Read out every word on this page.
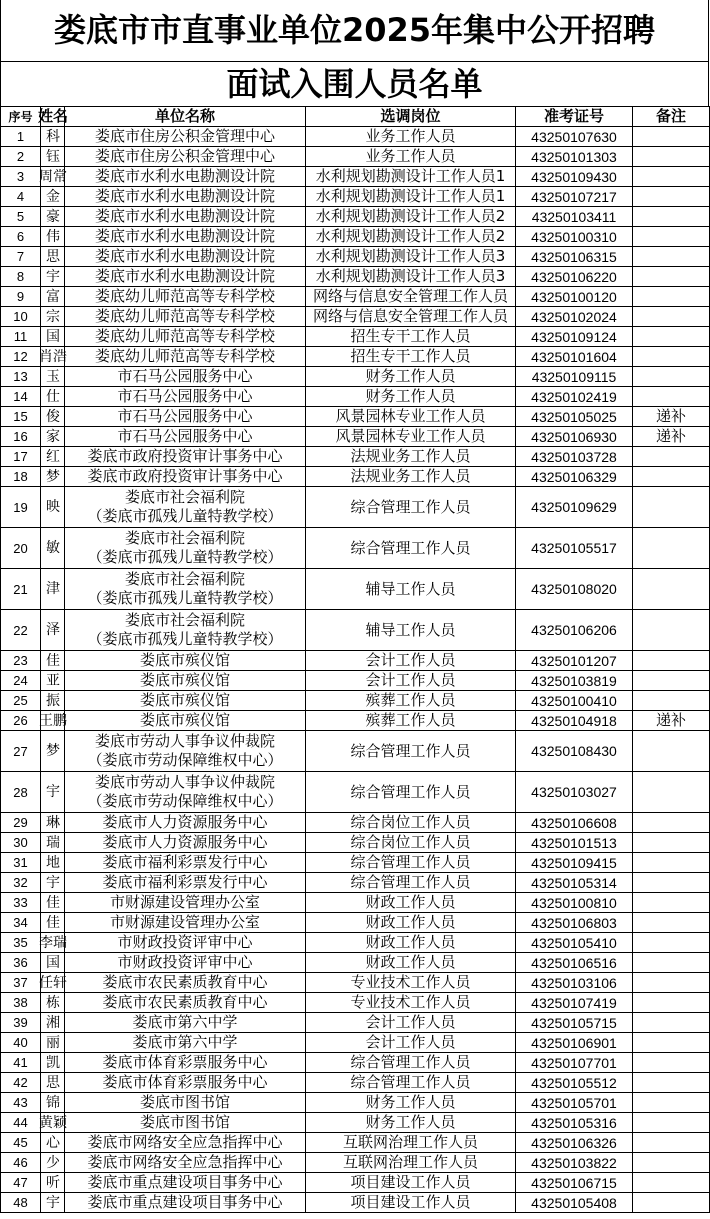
娄底市市直事业单位2025年集中公开招聘
面试入围人员名单
序号	姓名	单位名称	选调岗位	准考证号	备注
1	科	娄底市住房公积金管理中心	业务工作人员	43250107630	
2	钰	娄底市住房公积金管理中心	业务工作人员	43250101303	
3	周常	娄底市水利水电勘测设计院	水利规划勘测设计工作人员1	43250109430	
4	金	娄底市水利水电勘测设计院	水利规划勘测设计工作人员1	43250107217	
5	豪	娄底市水利水电勘测设计院	水利规划勘测设计工作人员2	43250103411	
6	伟	娄底市水利水电勘测设计院	水利规划勘测设计工作人员2	43250100310	
7	思	娄底市水利水电勘测设计院	水利规划勘测设计工作人员3	43250106315	
8	宇	娄底市水利水电勘测设计院	水利规划勘测设计工作人员3	43250106220	
9	富	娄底幼儿师范高等专科学校	网络与信息安全管理工作人员	43250100120	
10	宗	娄底幼儿师范高等专科学校	网络与信息安全管理工作人员	43250102024	
11	国	娄底幼儿师范高等专科学校	招生专干工作人员	43250109124	
12	肖浩	娄底幼儿师范高等专科学校	招生专干工作人员	43250101604	
13	玉	市石马公园服务中心	财务工作人员	43250109115	
14	仕	市石马公园服务中心	财务工作人员	43250102419	
15	俊	市石马公园服务中心	风景园林专业工作人员	43250105025	递补
16	家	市石马公园服务中心	风景园林专业工作人员	43250106930	递补
17	红	娄底市政府投资审计事务中心	法规业务工作人员	43250103728	
18	梦	娄底市政府投资审计事务中心	法规业务工作人员	43250106329	
19	映	娄底市社会福利院
（娄底市孤残儿童特教学校）	综合管理工作人员	43250109629	
20	敏	娄底市社会福利院
（娄底市孤残儿童特教学校）	综合管理工作人员	43250105517	
21	津	娄底市社会福利院
（娄底市孤残儿童特教学校）	辅导工作人员	43250108020	
22	泽	娄底市社会福利院
（娄底市孤残儿童特教学校）	辅导工作人员	43250106206	
23	佳	娄底市殡仪馆	会计工作人员	43250101207	
24	亚	娄底市殡仪馆	会计工作人员	43250103819	
25	振	娄底市殡仪馆	殡葬工作人员	43250100410	
26	王鹏	娄底市殡仪馆	殡葬工作人员	43250104918	递补
27	梦	娄底市劳动人事争议仲裁院
（娄底市劳动保障维权中心）	综合管理工作人员	43250108430	
28	宇	娄底市劳动人事争议仲裁院
（娄底市劳动保障维权中心）	综合管理工作人员	43250103027	
29	琳	娄底市人力资源服务中心	综合岗位工作人员	43250106608	
30	瑞	娄底市人力资源服务中心	综合岗位工作人员	43250101513	
31	地	娄底市福利彩票发行中心	综合管理工作人员	43250109415	
32	宇	娄底市福利彩票发行中心	综合管理工作人员	43250105314	
33	佳	市财源建设管理办公室	财政工作人员	43250100810	
34	佳	市财源建设管理办公室	财政工作人员	43250106803	
35	李瑞	市财政投资评审中心	财政工作人员	43250105410	
36	国	市财政投资评审中心	财政工作人员	43250106516	
37	任轩	娄底市农民素质教育中心	专业技术工作人员	43250103106	
38	栋	娄底市农民素质教育中心	专业技术工作人员	43250107419	
39	湘	娄底市第六中学	会计工作人员	43250105715	
40	丽	娄底市第六中学	会计工作人员	43250106901	
41	凯	娄底市体育彩票服务中心	综合管理工作人员	43250107701	
42	思	娄底市体育彩票服务中心	综合管理工作人员	43250105512	
43	锦	娄底市图书馆	财务工作人员	43250105701	
44	黄颖	娄底市图书馆	财务工作人员	43250105316	
45	心	娄底市网络安全应急指挥中心	互联网治理工作人员	43250106326	
46	少	娄底市网络安全应急指挥中心	互联网治理工作人员	43250103822	
47	听	娄底市重点建设项目事务中心	项目建设工作人员	43250106715	
48	宇	娄底市重点建设项目事务中心	项目建设工作人员	43250105408	
